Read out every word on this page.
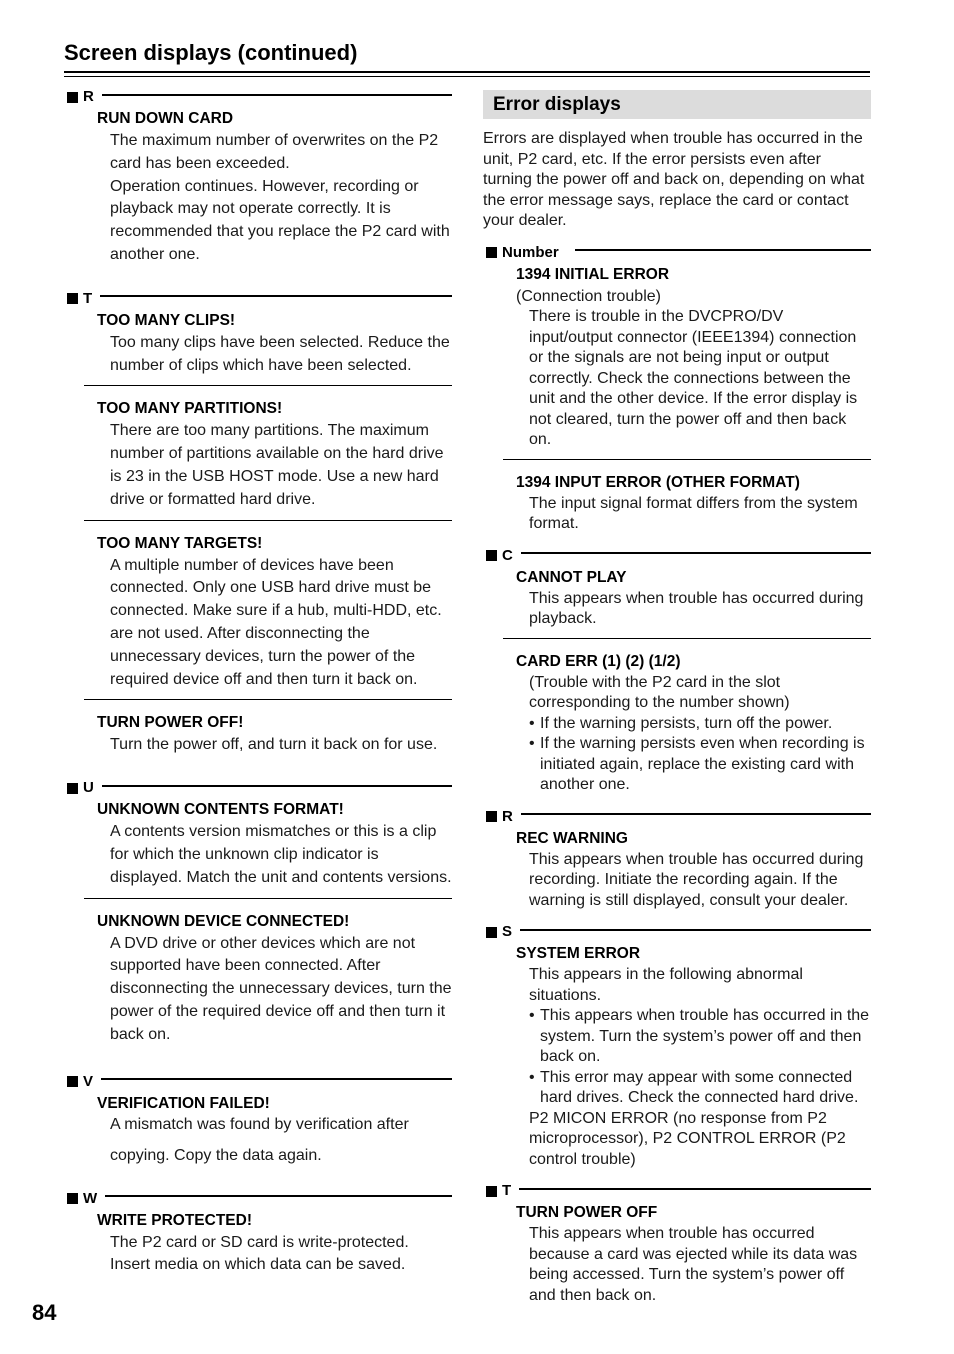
Screen displays (continued)
R
RUN DOWN CARD

The maximum number of overwrites on the P2 card has been exceeded.

Operation continues. However, recording or playback may not operate correctly. It is recommended that you replace the P2 card with another one.

T
TOO MANY CLIPS!

Too many clips have been selected. Reduce the number of clips which have been selected.

TOO MANY PARTITIONS!

There are too many partitions. The maximum number of partitions available on the hard drive is 23 in the USB HOST mode. Use a new hard drive or formatted hard drive.

TOO MANY TARGETS!

A multiple number of devices have been connected. Only one USB hard drive must be connected. Make sure if a hub, multi-HDD, etc. are not used. After disconnecting the unnecessary devices, turn the power of the required device off and then turn it back on.

TURN POWER OFF!

Turn the power off, and turn it back on for use.

U
UNKNOWN CONTENTS FORMAT!

A contents version mismatches or this is a clip for which the unknown clip indicator is displayed. Match the unit and contents versions.

UNKNOWN DEVICE CONNECTED!

A DVD drive or other devices which are not supported have been connected. After disconnecting the unnecessary devices, turn the power of the required device off and then turn it back on.

V
VERIFICATION FAILED!

A mismatch was found by verification after copying. Copy the data again.

W
WRITE PROTECTED!

The P2 card or SD card is write-protected. Insert media on which data can be saved.

Error displays
Errors are displayed when trouble has occurred in the unit, P2 card, etc. If the error persists even after turning the power off and back on, depending on what the error message says, replace the card or contact your dealer.
Number
1394 INITIAL ERROR

(Connection trouble)

There is trouble in the DVCPRO/DV input/output connector (IEEE1394) connection or the signals are not being input or output correctly. Check the connections between the unit and the other device. If the error display is not cleared, turn the power off and then back on.

1394 INPUT ERROR (OTHER FORMAT)

The input signal format differs from the system format.

C
CANNOT PLAY

This appears when trouble has occurred during playback.

CARD ERR (1) (2) (1/2)

(Trouble with the P2 card in the slot corresponding to the number shown)

• If the warning persists, turn off the power.
• If the warning persists even when recording is initiated again, replace the existing card with another one.
R
REC WARNING

This appears when trouble has occurred during recording. Initiate the recording again. If the warning is still displayed, consult your dealer.

S
SYSTEM ERROR

This appears in the following abnormal situations.

• This appears when trouble has occurred in the system. Turn the system’s power off and then back on.
• This error may appear with some connected hard drives. Check the connected hard drive.

P2 MICON ERROR (no response from P2 microprocessor), P2 CONTROL ERROR (P2 control trouble)

T
TURN POWER OFF

This appears when trouble has occurred because a card was ejected while its data was being accessed. Turn the system’s power off and then back on.

84
